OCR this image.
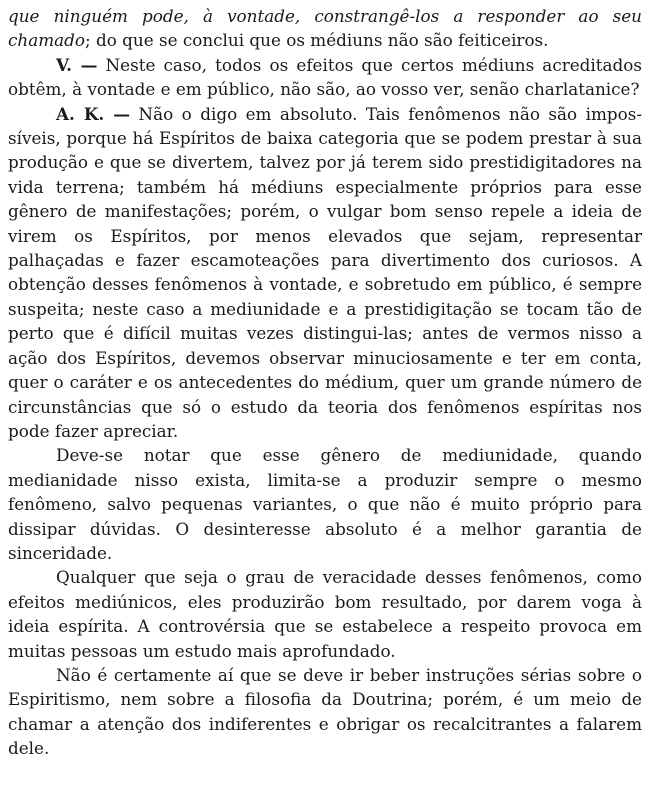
que ninguém pode, à vontade, constrangê-los a responder ao seu chamado; do que se conclui que os médiuns não são feiticeiros.

V. — Neste caso, todos os efeitos que certos médiuns acreditados obtêm, à vontade e em público, não são, ao vosso ver, senão charlatanice?

A. K. — Não o digo em absoluto. Tais fenômenos não são impossíveis, porque há Espíritos de baixa categoria que se podem prestar à sua produção e que se divertem, talvez por já terem sido prestidigitadores na vida terrena; também há médiuns especialmente próprios para esse gênero de manifestações; porém, o vulgar bom senso repele a ideia de virem os Espíritos, por menos elevados que sejam, representar palhaçadas e fazer escamoteações para divertimento dos curiosos. A obtenção desses fenômenos à vontade, e sobretudo em público, é sempre suspeita; neste caso a mediunidade e a prestidigitação se tocam tão de perto que é difícil muitas vezes distingui-las; antes de vermos nisso a ação dos Espíritos, devemos observar minuciosamente e ter em conta, quer o caráter e os antecedentes do médium, quer um grande número de circunstâncias que só o estudo da teoria dos fenômenos espíritas nos pode fazer apreciar.

Deve-se notar que esse gênero de mediunidade, quando medianidade nisso exista, limita-se a produzir sempre o mesmo fenômeno, salvo pequenas variantes, o que não é muito próprio para dissipar dúvidas. O desinteresse absoluto é a melhor garantia de sinceridade.

Qualquer que seja o grau de veracidade desses fenômenos, como efeitos mediúnicos, eles produzirão bom resultado, por darem voga à ideia espírita. A controvérsia que se estabelece a respeito provoca em muitas pessoas um estudo mais aprofundado.

Não é certamente aí que se deve ir beber instruções sérias sobre o Espiritismo, nem sobre a filosofia da Doutrina; porém, é um meio de chamar a atenção dos indiferentes e obrigar os recalcitrantes a falarem dele.
